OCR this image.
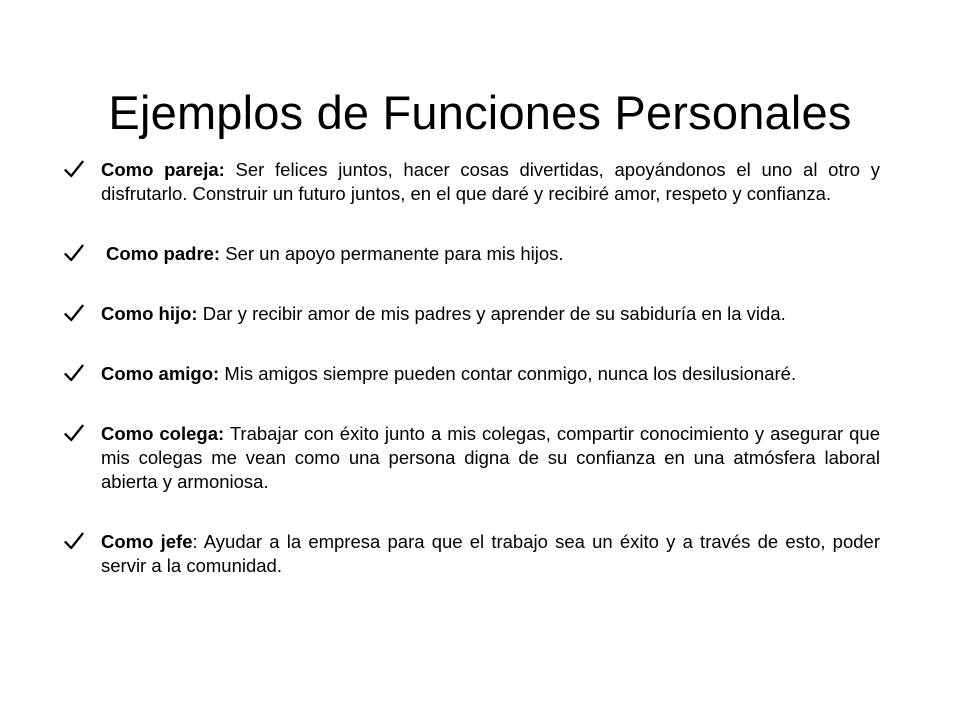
Ejemplos de Funciones Personales

Como pareja: Ser felices juntos, hacer cosas divertidas, apoyándonos el uno al otro y disfrutarlo. Construir un futuro juntos, en el que daré y recibiré amor, respeto y confianza.

Como padre: Ser un apoyo permanente para mis hijos.

Como hijo: Dar y recibir amor de mis padres y aprender de su sabiduría en la vida.

Como amigo: Mis amigos siempre pueden contar conmigo, nunca los desilusionaré.

Como colega: Trabajar con éxito junto a mis colegas, compartir conocimiento y asegurar que mis colegas me vean como una persona digna de su confianza en una atmósfera laboral abierta y armoniosa.

Como jefe: Ayudar a la empresa para que el trabajo sea un éxito y a través de esto, poder servir a la comunidad.
